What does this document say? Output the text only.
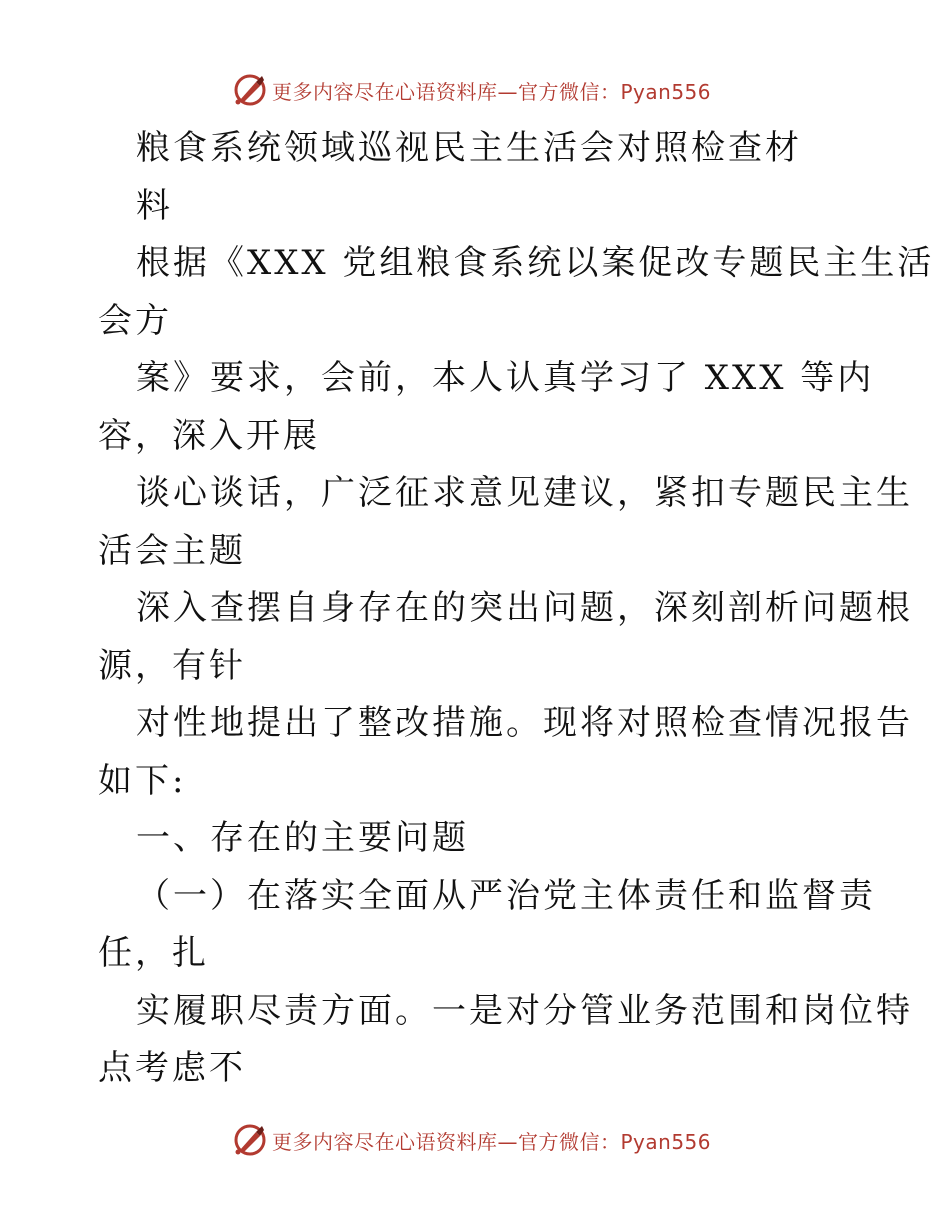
更多内容尽在心语资料库—官方微信：Pyan556
粮食系统领域巡视民主生活会对照检查材
料
根据《XXX 党组粮食系统以案促改专题民主生活
会方
案》要求，会前，本人认真学习了 XXX 等内
容，深入开展
谈心谈话，广泛征求意见建议，紧扣专题民主生
活会主题
深入查摆自身存在的突出问题，深刻剖析问题根
源，有针
对性地提出了整改措施。现将对照检查情况报告
如下:
一、存在的主要问题
（一）在落实全面从严治党主体责任和监督责
任，扎
实履职尽责方面。一是对分管业务范围和岗位特
点考虑不
更多内容尽在心语资料库—官方微信：Pyan556
